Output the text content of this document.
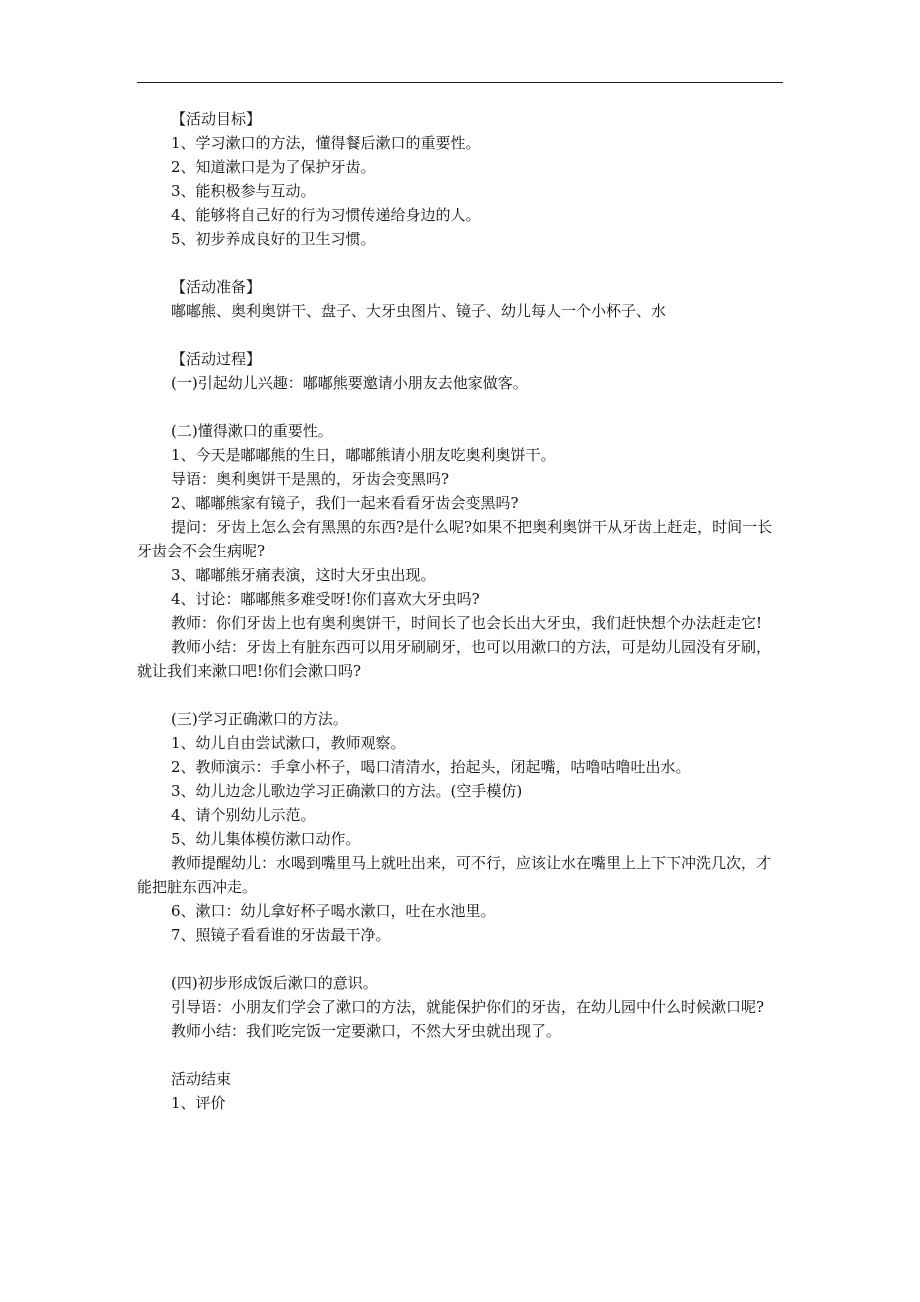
【活动目标】

1、学习漱口的方法，懂得餐后漱口的重要性。

2、知道漱口是为了保护牙齿。

3、能积极参与互动。

4、能够将自己好的行为习惯传递给身边的人。

5、初步养成良好的卫生习惯。

【活动准备】

嘟嘟熊、奥利奥饼干、盘子、大牙虫图片、镜子、幼儿每人一个小杯子、水

【活动过程】

(一)引起幼儿兴趣：嘟嘟熊要邀请小朋友去他家做客。

(二)懂得漱口的重要性。

1、今天是嘟嘟熊的生日，嘟嘟熊请小朋友吃奥利奥饼干。

导语：奥利奥饼干是黑的，牙齿会变黑吗?

2、嘟嘟熊家有镜子，我们一起来看看牙齿会变黑吗?

提问：牙齿上怎么会有黑黑的东西?是什么呢?如果不把奥利奥饼干从牙齿上赶走，时间一长牙齿会不会生病呢?

3、嘟嘟熊牙痛表演，这时大牙虫出现。

4、讨论：嘟嘟熊多难受呀!你们喜欢大牙虫吗?

教师：你们牙齿上也有奥利奥饼干，时间长了也会长出大牙虫，我们赶快想个办法赶走它!

教师小结：牙齿上有脏东西可以用牙刷刷牙，也可以用漱口的方法，可是幼儿园没有牙刷，就让我们来漱口吧!你们会漱口吗?

(三)学习正确漱口的方法。

1、幼儿自由尝试漱口，教师观察。

2、教师演示：手拿小杯子，喝口清清水，抬起头，闭起嘴，咕噜咕噜吐出水。

3、幼儿边念儿歌边学习正确漱口的方法。(空手模仿)

4、请个别幼儿示范。

5、幼儿集体模仿漱口动作。

教师提醒幼儿：水喝到嘴里马上就吐出来，可不行，应该让水在嘴里上上下下冲洗几次，才能把脏东西冲走。

6、漱口：幼儿拿好杯子喝水漱口，吐在水池里。

7、照镜子看看谁的牙齿最干净。

(四)初步形成饭后漱口的意识。

引导语：小朋友们学会了漱口的方法，就能保护你们的牙齿，在幼儿园中什么时候漱口呢?

教师小结：我们吃完饭一定要漱口，不然大牙虫就出现了。

活动结束

1、评价
